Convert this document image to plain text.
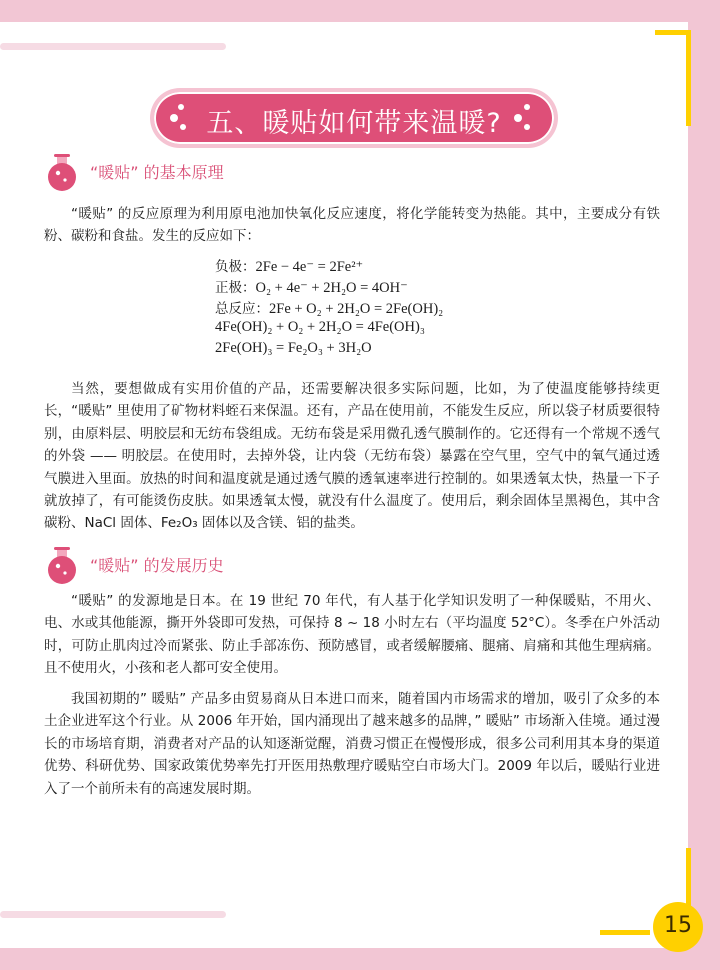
五、暖贴如何带来温暖?
“暖贴” 的基本原理
“暖贴” 的反应原理为利用原电池加快氧化反应速度，将化学能转变为热能。其中，主要成分有铁粉、碳粉和食盐。发生的反应如下：
负极：2Fe − 4e⁻ = 2Fe²⁺
正极：O₂ + 4e⁻ + 2H₂O = 4OH⁻
总反应：2Fe + O₂ + 2H₂O = 2Fe(OH)₂
4Fe(OH)₂ + O₂ + 2H₂O = 4Fe(OH)₃
2Fe(OH)₃ = Fe₂O₃ + 3H₂O
当然，要想做成有实用价值的产品，还需要解决很多实际问题，比如，为了使温度能够持续更长，“暖贴” 里使用了矿物材料蛭石来保温。还有，产品在使用前，不能发生反应，所以袋子材质要很特别，由原料层、明胶层和无纺布袋组成。无纺布袋是采用微孔透气膜制作的。它还得有一个常规不透气的外袋 —— 明胶层。在使用时，去掉外袋，让内袋（无纺布袋）暴露在空气里，空气中的氧气通过透气膜进入里面。放热的时间和温度就是通过透气膜的透氧速率进行控制的。如果透氧太快，热量一下子就放掉了，有可能烫伤皮肤。如果透氧太慢，就没有什么温度了。使用后，剩余固体呈黑褐色，其中含碳粉、NaCl 固体、Fe₂O₃ 固体以及含镁、铝的盐类。
“暖贴” 的发展历史
“暖贴” 的发源地是日本。在 19 世纪 70 年代，有人基于化学知识发明了一种保暖贴，不用火、电、水或其他能源，撕开外袋即可发热，可保持 8 ~ 18 小时左右（平均温度 52°C）。冬季在户外活动时，可防止肌肉过冷而紧张、防止手部冻伤、预防感冒，或者缓解腰痛、腿痛、肩痛和其他生理病痛。且不使用火，小孩和老人都可安全使用。
我国初期的” 暖贴” 产品多由贸易商从日本进口而来，随着国内市场需求的增加，吸引了众多的本土企业进军这个行业。从 2006 年开始，国内涌现出了越来越多的品牌，” 暖贴” 市场渐入佳境。通过漫长的市场培育期，消费者对产品的认知逐渐觉醒，消费习惯正在慢慢形成，很多公司利用其本身的渠道优势、科研优势、国家政策优势率先打开医用热敷理疗暖贴空白市场大门。2009 年以后，暖贴行业进入了一个前所未有的高速发展时期。
15
